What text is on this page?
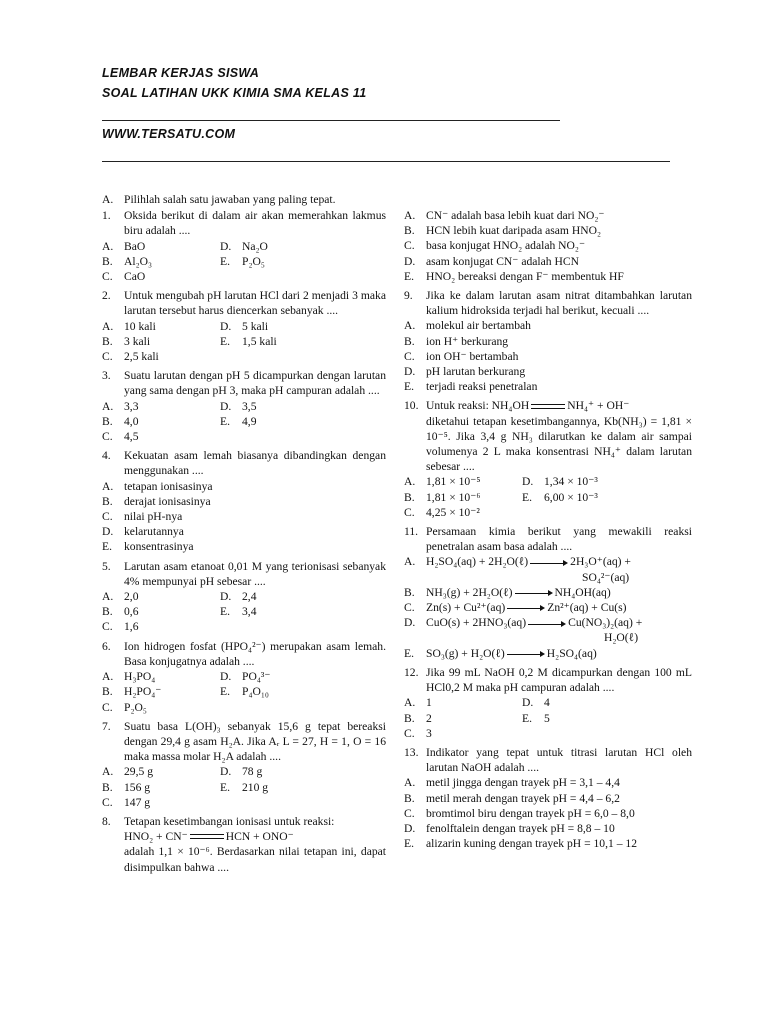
LEMBAR KERJAS SISWA
SOAL LATIHAN UKK KIMIA SMA KELAS 11
WWW.TERSATU.COM
A. Pilihlah salah satu jawaban yang paling tepat.
1.	Oksida berikut di dalam air akan memerahkan lakmus biru adalah ....
A. BaO	D. Na₂O
B. Al₂O₃	E.	P₂O₅
C. CaO
2.	Untuk mengubah pH larutan HCl dari 2 menjadi 3 maka larutan tersebut harus diencerkan sebanyak ....
A. 10 kali	D. 5 kali
B. 3 kali	E.	1,5 kali
C. 2,5 kali
3.	Suatu larutan dengan pH 5 dicampurkan dengan larutan yang sama dengan pH 3, maka pH campuran adalah ....
A. 3,3	D. 3,5
B. 4,0	E.	4,9
C. 4,5
4.	Kekuatan asam lemah biasanya dibandingkan dengan menggunakan ....
A. tetapan ionisasinya
B. derajat ionisasinya
C. nilai pH-nya
D. kelarutannya
E.	konsentrasinya
5.	Larutan asam etanoat 0,01 M yang terionisasi sebanyak 4% mempunyai pH sebesar ....
A. 2,0	D. 2,4
B. 0,6	E.	3,4
C. 1,6
6.	Ion hidrogen fosfat (HPO₄²⁻) merupakan asam lemah. Basa konjugatnya adalah ....
A. H₃PO₄	D. PO₄³⁻
B. H₂PO₄⁻	E.	P₄O₁₀
C. P₂O₅
7.	Suatu basa L(OH)₃ sebanyak 15,6 g tepat bereaksi dengan 29,4 g asam H₂A. Jika Aᵣ L = 27, H = 1, O = 16 maka massa molar H₂A adalah ....
A. 29,5 g	D. 78 g
B. 156 g	E.	210 g
C. 147 g
8.	Tetapan kesetimbangan ionisasi untuk reaksi:
HNO₂ + CN⁻	HCN + ONO⁻
adalah 1,1 × 10⁻⁶. Berdasarkan nilai tetapan ini, dapat disimpulkan bahwa ....
A. CN⁻ adalah basa lebih kuat dari NO₂⁻
B. HCN lebih kuat daripada asam HNO₂
C. basa konjugat HNO₂ adalah NO₂⁻
D. asam konjugat CN⁻ adalah HCN
E.	HNO₂ bereaksi dengan F⁻ membentuk HF
9.	Jika ke dalam larutan asam nitrat ditambahkan larutan kalium hidroksida terjadi hal berikut, kecuali ....
A. molekul air bertambah
B. ion H⁺ berkurang
C. ion OH⁻ bertambah
D. pH larutan berkurang
E.	terjadi reaksi penetralan
10. Untuk reaksi: NH₄OH	NH₄⁺ + OH⁻
diketahui tetapan kesetimbangannya, Kb(NH₃) = 1,81 × 10⁻⁵. Jika 3,4 g NH₃ dilarutkan ke dalam air sampai volumenya 2 L maka konsentrasi NH₄⁺ dalam larutan sebesar ....
A. 1,81 × 10⁻⁵	D. 1,34 × 10⁻³
B. 1,81 × 10⁻⁶	E.	6,00 × 10⁻³
C. 4,25 × 10⁻²
11. Persamaan kimia berikut yang mewakili reaksi penetralan asam basa adalah ....
A. H₂SO₄(aq) + 2H₂O(ℓ)	2H₃O⁺(aq) +
SO₄²⁻(aq)
B. NH₃(g) + 2H₂O(ℓ)	NH₄OH(aq)
C. Zn(s) + Cu²⁺(aq)	Zn²⁺(aq) + Cu(s)
D. CuO(s) + 2HNO₃(aq)	Cu(NO₃)₂(aq) +
H₂O(ℓ)
E.	SO₃(g) + H₂O(ℓ)	H₂SO₄(aq)
12. Jika 99 mL NaOH 0,2 M dicampurkan dengan 100 mL HCl0,2 M maka pH campuran adalah ....
A. 1	D. 4
B. 2	E.	5
C. 3
13. Indikator yang tepat untuk titrasi larutan HCl oleh larutan NaOH adalah ....
A. metil jingga dengan trayek pH = 3,1 – 4,4
B. metil merah dengan trayek pH = 4,4 – 6,2
C. bromtimol biru dengan trayek pH = 6,0 – 8,0
D. fenolftalein dengan trayek pH = 8,8 – 10
E.	alizarin kuning dengan trayek pH = 10,1 – 12
